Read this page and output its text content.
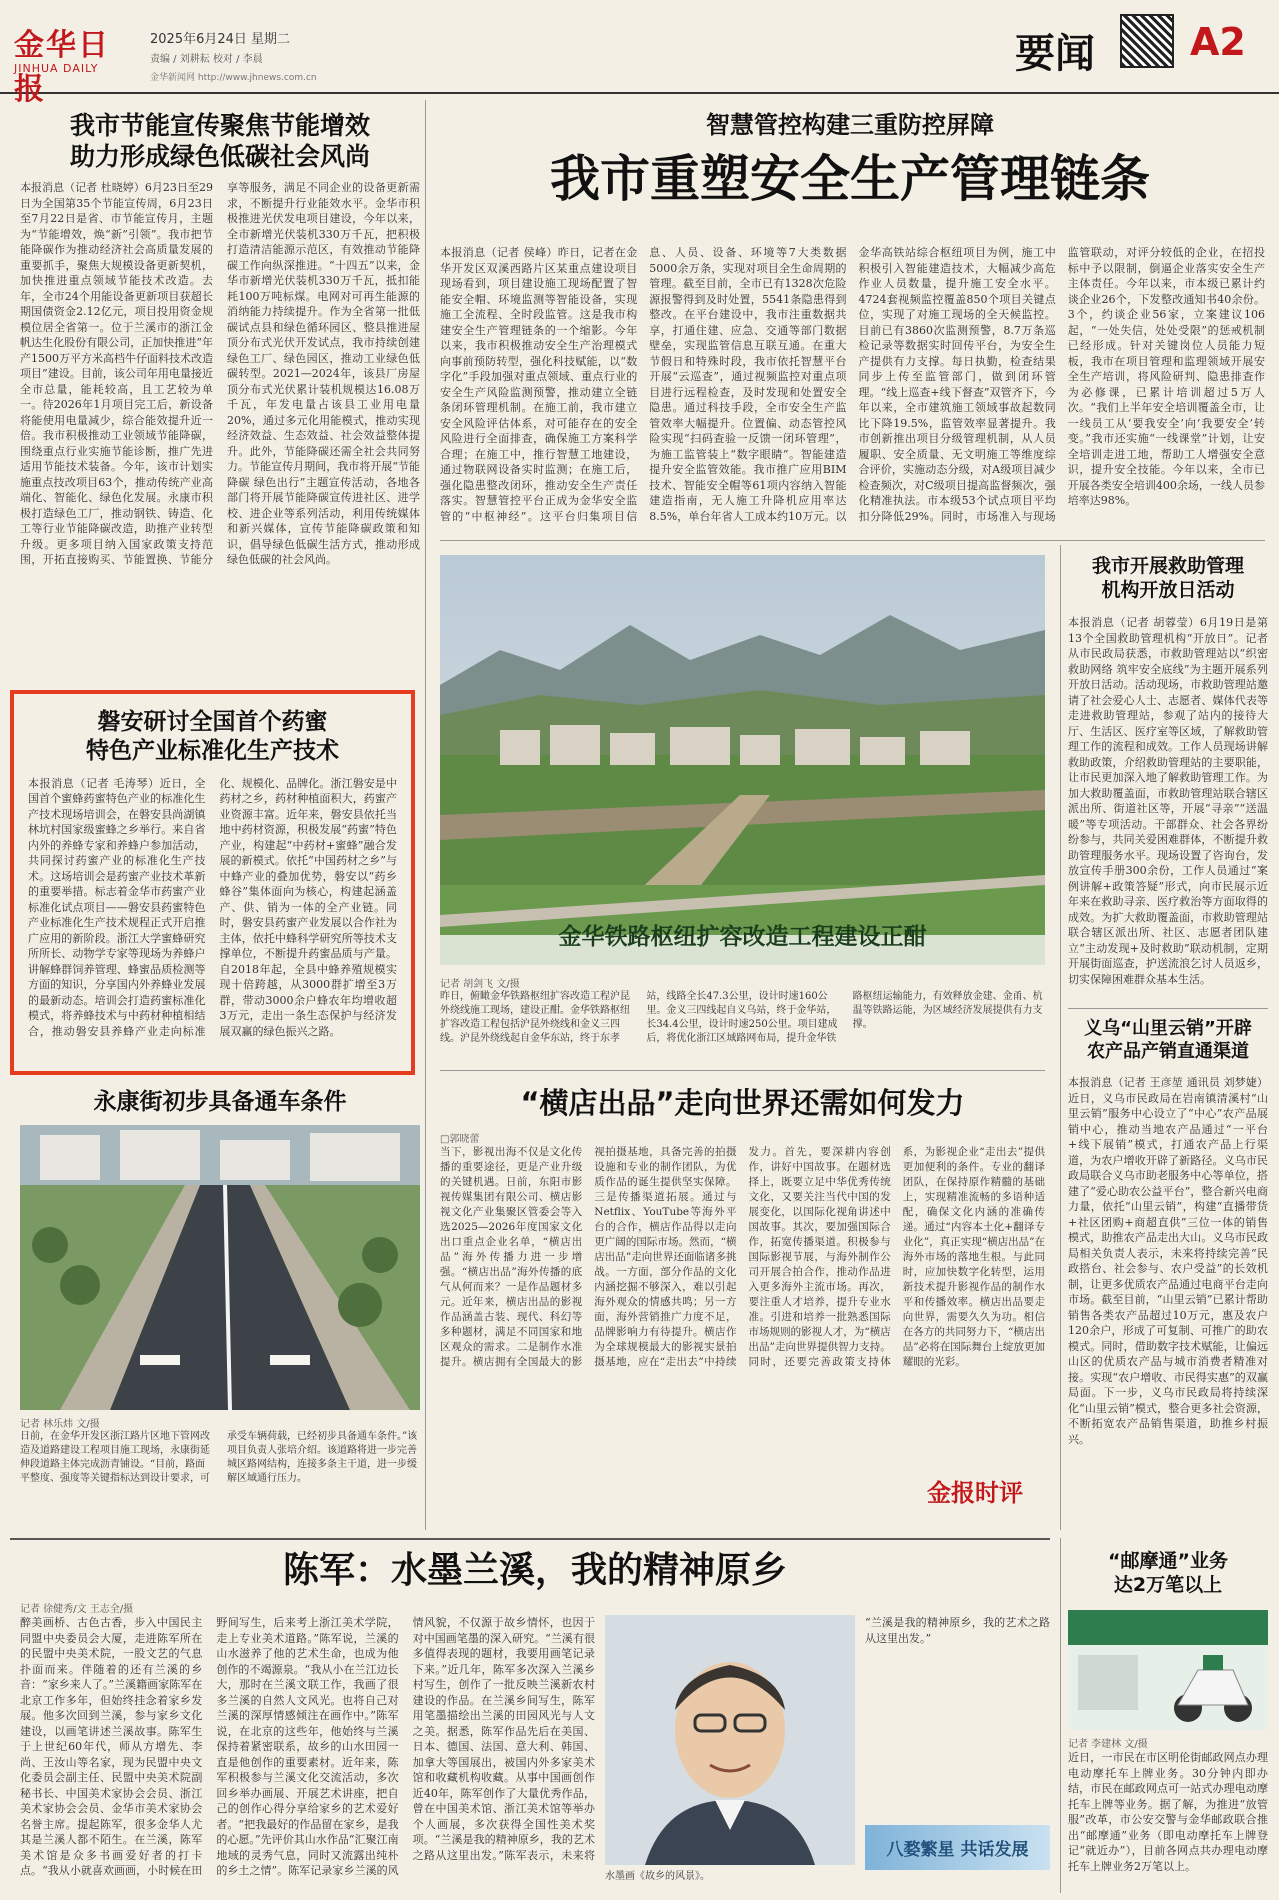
金华日报
JINHUA DAILY
2025年6月24日 星期二
责编 / 刘耕耘 校对 / 李晨
金华新闻网 http://www.jhnews.com.cn
要闻	A2
我市节能宣传聚焦节能增效
助力形成绿色低碳社会风尚
本报消息（记者 杜晓婷）6月23日至29日为全国第35个节能宣传周，6月23日至7月22日是省、市节能宣传月，主题为“节能增效，焕“新”引领”。我市把节能降碳作为推动经济社会高质量发展的重要抓手，聚焦大规模设备更新契机，加快推进重点领域节能技术改造。去年，全市24个用能设备更新项目获超长期国债资金2.12亿元，项目投用资金规模位居全省第一。位于兰溪市的浙江金帆达生化股份有限公司，正加快推进“年产1500万平方米高档牛仔面料技术改造项目”建设。目前，该公司年用电量接近全市总量，能耗较高，且工艺较为单一。待2026年1月项目完工后，新设备将能使用电量减少，综合能效提升近一倍。我市积极推动工业领域节能降碳，围绕重点行业实施节能诊断，推广先进适用节能技术装备。今年，该市计划实施重点技改项目63个，推动传统产业高端化、智能化、绿色化发展。永康市积极打造绿色工厂，推动钢铁、铸造、化工等行业节能降碳改造，助推产业转型升级。更多项目纳入国家政策支持范围，开拓直接购买、节能置换、节能分享等服务，满足不同企业的设备更新需求，不断提升行业能效水平。金华市积极推进光伏发电项目建设，今年以来，全市新增光伏装机330万千瓦，把积极打造清洁能源示范区，有效推动节能降碳工作向纵深推进。“十四五”以来，金华市新增光伏装机330万千瓦，抵扣能耗100万吨标煤。电网对可再生能源的消纳能力持续提升。作为全省第一批低碳试点县和绿色循环园区、整县推进屋顶分布式光伏开发试点，我市持续创建绿色工厂、绿色园区，推动工业绿色低碳转型。2021—2024年，该县厂房屋顶分布式光伏累计装机规模达16.08万千瓦，年发电量占该县工业用电量20%，通过多元化用能模式，推动实现经济效益、生态效益、社会效益整体提升。此外，节能降碳还需全社会共同努力。节能宣传月期间，我市将开展“节能降碳 绿色出行”主题宣传活动，各地各部门将开展节能降碳宣传进社区、进学校、进企业等系列活动，利用传统媒体和新兴媒体，宣传节能降碳政策和知识，倡导绿色低碳生活方式，推动形成绿色低碳的社会风尚。
智慧管控构建三重防控屏障
我市重塑安全生产管理链条
本报消息（记者 侯峰）昨日，记者在金华开发区双溪西路片区某重点建设项目现场看到，项目建设施工现场配置了智能安全帽、环境监测等智能设备，实现施工全流程、全时段监管。这是我市构建安全生产管理链条的一个缩影。今年以来，我市积极推动安全生产治理模式向事前预防转型，强化科技赋能，以“数字化”手段加强对重点领域、重点行业的安全生产风险监测预警，推动建立全链条闭环管理机制。在施工前，我市建立安全风险评估体系，对可能存在的安全风险进行全面排查，确保施工方案科学合理；在施工中，推行智慧工地建设，通过物联网设备实时监测；在施工后，强化隐患整改闭环，推动安全生产责任落实。智慧管控平台正成为金华安全监管的“中枢神经”。这平台归集项目信息、人员、设备、环境等7大类数据5000余万条，实现对项目全生命周期的管理。截至目前，全市已有1328次危险源报警得到及时处置，5541条隐患得到整改。在平台建设中，我市注重数据共享，打通住建、应急、交通等部门数据壁垒，实现监管信息互联互通。在重大节假日和特殊时段，我市依托智慧平台开展“云巡查”，通过视频监控对重点项目进行远程检查，及时发现和处置安全隐患。通过科技手段，全市安全生产监管效率大幅提升。位置偏、动态管控风险实现“扫码查验一反馈一闭环管理”，为施工监管装上“数字眼睛”。智能建造提升安全监管效能。我市推广应用BIM技术、智能安全帽等61项内容纳入智能建造指南，无人施工升降机应用率达8.5%，单台年省人工成本约10万元。以金华高铁站综合枢纽项目为例，施工中积极引入智能建造技术，大幅减少高危作业人员数量，提升施工安全水平。4724套视频监控覆盖850个项目关键点位，实现了对施工现场的全天候监控。目前已有3860次监测预警，8.7万条巡检记录等数据实时回传平台，为安全生产提供有力支撑。每日执勤，检查结果同步上传至监管部门，做到闭环管理。“线上巡查+线下督查”双管齐下，今年以来，全市建筑施工领域事故起数同比下降19.5%，监管效率显著提升。我市创新推出项目分级管理机制，从人员履职、安全质量、无文明施工等维度综合评价，实施动态分级，对A级项目减少检查频次，对C级项目提高监督频次，强化精准执法。市本级53个试点项目平均扣分降低29%。同时，市场准入与现场监管联动，对评分较低的企业，在招投标中予以限制，倒逼企业落实安全生产主体责任。今年以来，市本级已累计约谈企业26个，下发整改通知书40余份。3个，约谈企业56家，立案建议106起，“一处失信，处处受限”的惩戒机制已经形成。针对关键岗位人员能力短板，我市在项目管理和监理领域开展安全生产培训，将风险研判、隐患排查作为必修课，已累计培训超过5万人次。“我们上半年安全培训覆盖全市，让一线员工从‘要我安全’向‘我要安全’转变。”我市还实施“一线课堂”计划，让安全培训走进工地，帮助工人增强安全意识，提升安全技能。今年以来，全市已开展各类安全培训400余场，一线人员参培率达98%。
金华铁路枢纽扩容改造工程建设正酣
记者 胡剑飞 文/摄
昨日，俯瞰金华铁路枢纽扩容改造工程沪昆外绕线施工现场，建设正酣。金华铁路枢纽扩容改造工程包括沪昆外绕线和金义三四线。沪昆外绕线起自金华东站，终于东孝站，线路全长47.3公里，设计时速160公里。金义三四线起自义乌站，终于金华站，长34.4公里，设计时速250公里。项目建成后，将优化浙江区域路网布局，提升金华铁路枢纽运输能力，有效释放金建、金甬、杭温等铁路运能，为区域经济发展提供有力支撑。
磐安研讨全国首个药蜜
特色产业标准化生产技术
本报消息（记者 毛涛琴）近日，全国首个蜜蜂药蜜特色产业的标准化生产技术现场培训会，在磐安县尚湖镇林坑村国家级蜜蜂之乡举行。来自省内外的养蜂专家和养蜂户参加活动，共同探讨药蜜产业的标准化生产技术。这场培训会是药蜜产业技术革新的重要举措。标志着金华市药蜜产业标准化试点项目——磐安县药蜜特色产业标准化生产技术规程正式开启推广应用的新阶段。浙江大学蜜蜂研究所所长、动物学专家等现场为养蜂户讲解蜂群饲养管理、蜂蜜品质检测等方面的知识，分享国内外养蜂业发展的最新动态。培训会打造药蜜标准化模式，将养蜂技术与中药材种植相结合，推动磐安县养蜂产业走向标准化、规模化、品牌化。浙江磐安是中药材之乡，药材种植面积大，药蜜产业资源丰富。近年来，磐安县依托当地中药材资源，积极发展“药蜜”特色产业，构建起“中药材+蜜蜂”融合发展的新模式。依托“中国药材之乡”与中蜂产业的叠加优势，磐安以“药乡蜂谷”集体面向为核心，构建起涵盖产、供、销为一体的全产业链。同时，磐安县药蜜产业发展以合作社为主体，依托中蜂科学研究所等技术支撑单位，不断提升药蜜品质与产量。自2018年起，全县中蜂养殖规模实现十倍跨越，从3000群扩增至3万群，带动3000余户蜂农年均增收超3万元，走出一条生态保护与经济发展双赢的绿色振兴之路。
我市开展救助管理
机构开放日活动
本报消息（记者 胡蓉莹）6月19日是第13个全国救助管理机构“开放日”。记者从市民政局获悉，市救助管理站以“织密救助网络 筑牢安全底线”为主题开展系列开放日活动。活动现场，市救助管理站邀请了社会爱心人士、志愿者、媒体代表等走进救助管理站，参观了站内的接待大厅、生活区、医疗室等区域，了解救助管理工作的流程和成效。工作人员现场讲解救助政策，介绍救助管理站的主要职能，让市民更加深入地了解救助管理工作。为加大救助覆盖面，市救助管理站联合辖区派出所、街道社区等，开展“寻亲”“送温暖”等专项活动。干部群众、社会各界纷纷参与，共同关爱困难群体，不断提升救助管理服务水平。现场设置了咨询台，发放宣传手册300余份，工作人员通过“案例讲解+政策答疑”形式，向市民展示近年来在救助寻亲、医疗救治等方面取得的成效。为扩大救助覆盖面，市救助管理站联合辖区派出所、社区、志愿者团队建立“主动发现+及时救助”联动机制，定期开展街面巡查，护送流浪乞讨人员返乡，切实保障困难群众基本生活。
义乌“山里云销”开辟
农产品产销直通渠道
本报消息（记者 王彦堃 通讯员 刘梦婕）近日，义乌市民政局在岩南镇清溪村“山里云销”服务中心设立了“中心”农产品展销中心，推动当地农产品通过“一平台+线下展销”模式，打通农产品上行渠道，为农户增收开辟了新路径。义乌市民政局联合义乌市助老服务中心等单位，搭建了“爱心助农公益平台”，整合新兴电商力量，依托“山里云销”，构建“直播带货+社区团购+商超直供”三位一体的销售模式，助推农产品走出大山。义乌市民政局相关负责人表示，未来将持续完善“民政搭台、社会参与、农户受益”的长效机制，让更多优质农产品通过电商平台走向市场。截至目前，“山里云销”已累计帮助销售各类农产品超过10万元，惠及农户120余户，形成了可复制、可推广的助农模式。同时，借助数字技术赋能，让偏远山区的优质农产品与城市消费者精准对接。实现“农户增收、市民得实惠”的双赢局面。下一步，义乌市民政局将持续深化“山里云销”模式，整合更多社会资源，不断拓宽农产品销售渠道，助推乡村振兴。
永康街初步具备通车条件
记者 林乐炜 文/摄
日前，在金华开发区浙江路片区地下管网改造及道路建设工程项目施工现场，永康街延伸段道路主体完成沥青铺设。“目前，路面平整度、强度等关键指标达到设计要求，可承受车辆荷载，已经初步具备通车条件。”该项目负责人张培介绍。该道路将进一步完善城区路网结构，连接多条主干道，进一步缓解区域通行压力。
“横店出品”走向世界还需如何发力
□郭晓蕾
当下，影视出海不仅是文化传播的重要途径，更是产业升级的关键机遇。日前，东阳市影视传媒集团有限公司、横店影视文化产业集聚区管委会等入选2025—2026年度国家文化出口重点企业名单，“横店出品”海外传播力进一步增强。“横店出品”海外传播的底气从何而来？一是作品题材多元。近年来，横店出品的影视作品涵盖古装、现代、科幻等多种题材，满足不同国家和地区观众的需求。二是制作水准提升。横店拥有全国最大的影视拍摄基地，具备完善的拍摄设施和专业的制作团队，为优质作品的诞生提供坚实保障。三是传播渠道拓展。通过与Netflix、YouTube等海外平台的合作，横店作品得以走向更广阔的国际市场。然而，“横店出品”走向世界还面临诸多挑战。一方面，部分作品的文化内涵挖掘不够深入，难以引起海外观众的情感共鸣；另一方面，海外营销推广力度不足，品牌影响力有待提升。横店作为全球规模最大的影视实景拍摄基地，应在“走出去”中持续发力。首先，要深耕内容创作，讲好中国故事。在题材选择上，既要立足中华优秀传统文化，又要关注当代中国的发展变化，以国际化视角讲述中国故事。其次，要加强国际合作，拓宽传播渠道。积极参与国际影视节展，与海外制作公司开展合拍合作，推动作品进入更多海外主流市场。再次，要注重人才培养，提升专业水准。引进和培养一批熟悉国际市场规则的影视人才，为“横店出品”走向世界提供智力支持。同时，还要完善政策支持体系，为影视企业“走出去”提供更加便利的条件。专业的翻译团队，在保持原作精髓的基础上，实现精准流畅的多语种适配，确保文化内涵的准确传递。通过“内容本土化+翻译专业化”，真正实现“横店出品”在海外市场的落地生根。与此同时，应加快数字化转型，运用新技术提升影视作品的制作水平和传播效率。横店出品要走向世界，需要久久为功。相信在各方的共同努力下，“横店出品”必将在国际舞台上绽放更加耀眼的光彩。
金报时评
陈军：水墨兰溪，我的精神原乡
记者 徐健秀/文 王志全/摄
醉美画桥、古色古香，步入中国民主同盟中央委员会大厦，走进陈军所在的民盟中央美术院，一股文艺的气息扑面而来。伴随着的还有兰溪的乡音：“家乡来人了。”兰溪籍画家陈军在北京工作多年，但始终挂念着家乡发展。他多次回到兰溪，参与家乡文化建设，以画笔讲述兰溪故事。陈军生于上世纪60年代，师从方增先、李尚、王汝山等名家，现为民盟中央文化委员会副主任、民盟中央美术院副秘书长、中国美术家协会会员、浙江美术家协会会员、金华市美术家协会名誉主席。提起陈军，很多金华人尤其是兰溪人都不陌生。在兰溪，陈军美术馆是众多书画爱好者的打卡点。“我从小就喜欢画画，小时候在田野间写生，后来考上浙江美术学院，走上专业美术道路。”陈军说，兰溪的山水滋养了他的艺术生命，也成为他创作的不竭源泉。“我从小在兰江边长大，那时在兰溪文联工作，我画了很多兰溪的自然人文风光。也将自己对兰溪的深厚情感倾注在画作中。”陈军说，在北京的这些年，他始终与兰溪保持着紧密联系，故乡的山水田园一直是他创作的重要素材。近年来，陈军积极参与兰溪文化交流活动，多次回乡举办画展、开展艺术讲座，把自己的创作心得分享给家乡的艺术爱好者。“把我最好的作品留在家乡，是我的心愿。”先评价其山水作品“汇聚江南地域的灵秀气息，同时又流露出纯朴的乡土之情”。陈军记录家乡兰溪的风情风貌，不仅源于故乡情怀，也因于对中国画笔墨的深入研究。“兰溪有很多值得表现的题材，我要用画笔记录下来。”近几年，陈军多次深入兰溪乡村写生，创作了一批反映兰溪新农村建设的作品。在兰溪乡间写生，陈军用笔墨描绘出兰溪的田园风光与人文之美。据悉，陈军作品先后在美国、日本、德国、法国、意大利、韩国、加拿大等国展出，被国内外多家美术馆和收藏机构收藏。从事中国画创作近40年，陈军创作了大量优秀作品，曾在中国美术馆、浙江美术馆等举办个人画展，多次获得全国性美术奖项。“兰溪是我的精神原乡，我的艺术之路从这里出发。”陈军表示，未来将
水墨画《故乡的风景》。
“兰溪是我的精神原乡，我的艺术之路从这里出发。”
八婺繁星 共话发展
“邮摩通”业务
达2万笔以上
记者 李建林 文/摄
近日，一市民在市区明伦街邮政网点办理电动摩托车上牌业务。30分钟内即办结，市民在邮政网点可一站式办理电动摩托车上牌等业务。据了解，为推进“放管服”改革，市公安交警与金华邮政联合推出“邮摩通”业务（即电动摩托车上牌登记“就近办”），目前各网点共办理电动摩托车上牌业务2万笔以上。
